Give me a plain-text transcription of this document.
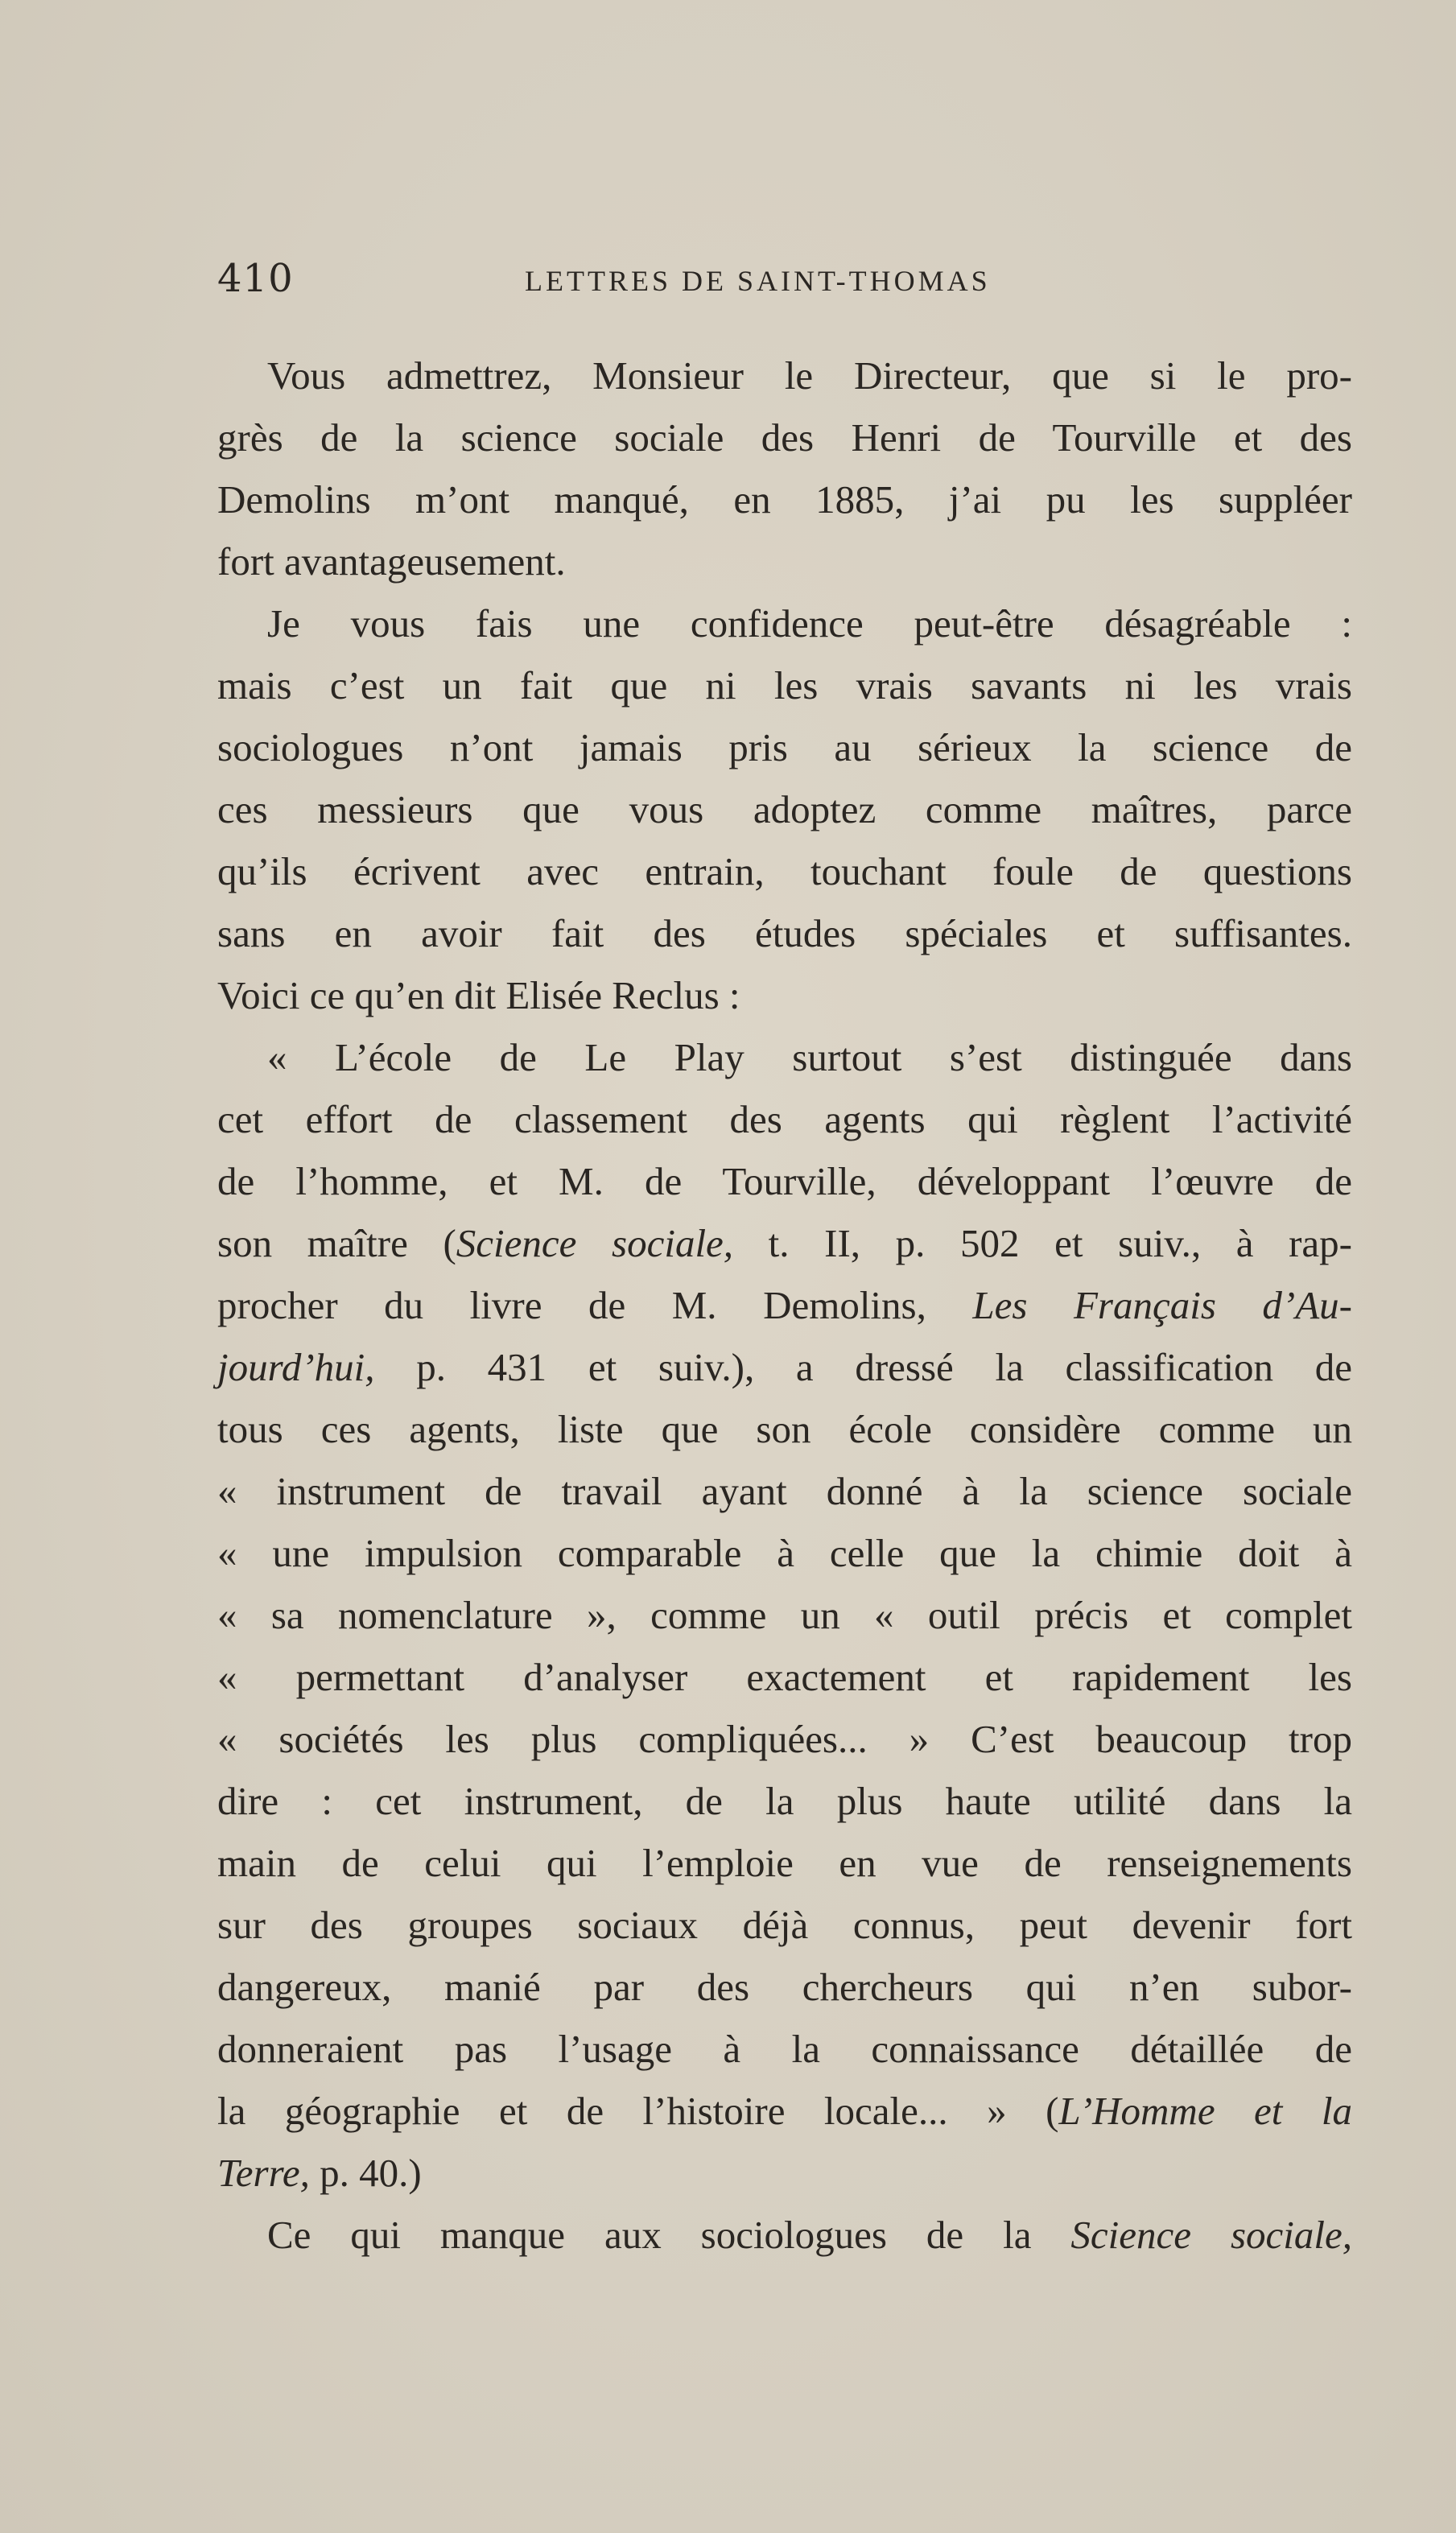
410	LETTRES DE SAINT-THOMAS
Vous admettrez, Monsieur le Directeur, que si le pro-
grès de la science sociale des Henri de Tourville et des
Demolins m’ont manqué, en 1885, j’ai pu les suppléer
fort avantageusement.
Je vous fais une confidence peut-être désagréable :
mais c’est un fait que ni les vrais savants ni les vrais
sociologues n’ont jamais pris au sérieux la science de
ces messieurs que vous adoptez comme maîtres, parce
qu’ils écrivent avec entrain, touchant foule de questions
sans en avoir fait des études spéciales et suffisantes.
Voici ce qu’en dit Elisée Reclus :
« L’école de Le Play surtout s’est distinguée dans
cet effort de classement des agents qui règlent l’activité
de l’homme, et M. de Tourville, développant l’œuvre de
son maître (Science sociale, t. II, p. 502 et suiv., à rap-
procher du livre de M. Demolins, Les Français d’Au-
jourd’hui, p. 431 et suiv.), a dressé la classification de
tous ces agents, liste que son école considère comme un
« instrument de travail ayant donné à la science sociale
« une impulsion comparable à celle que la chimie doit à
« sa nomenclature », comme un « outil précis et complet
« permettant d’analyser exactement et rapidement les
« sociétés les plus compliquées... » C’est beaucoup trop
dire : cet instrument, de la plus haute utilité dans la
main de celui qui l’emploie en vue de renseignements
sur des groupes sociaux déjà connus, peut devenir fort
dangereux, manié par des chercheurs qui n’en subor-
donneraient pas l’usage à la connaissance détaillée de
la géographie et de l’histoire locale... » (L’Homme et la
Terre, p. 40.)
Ce qui manque aux sociologues de la Science sociale,
